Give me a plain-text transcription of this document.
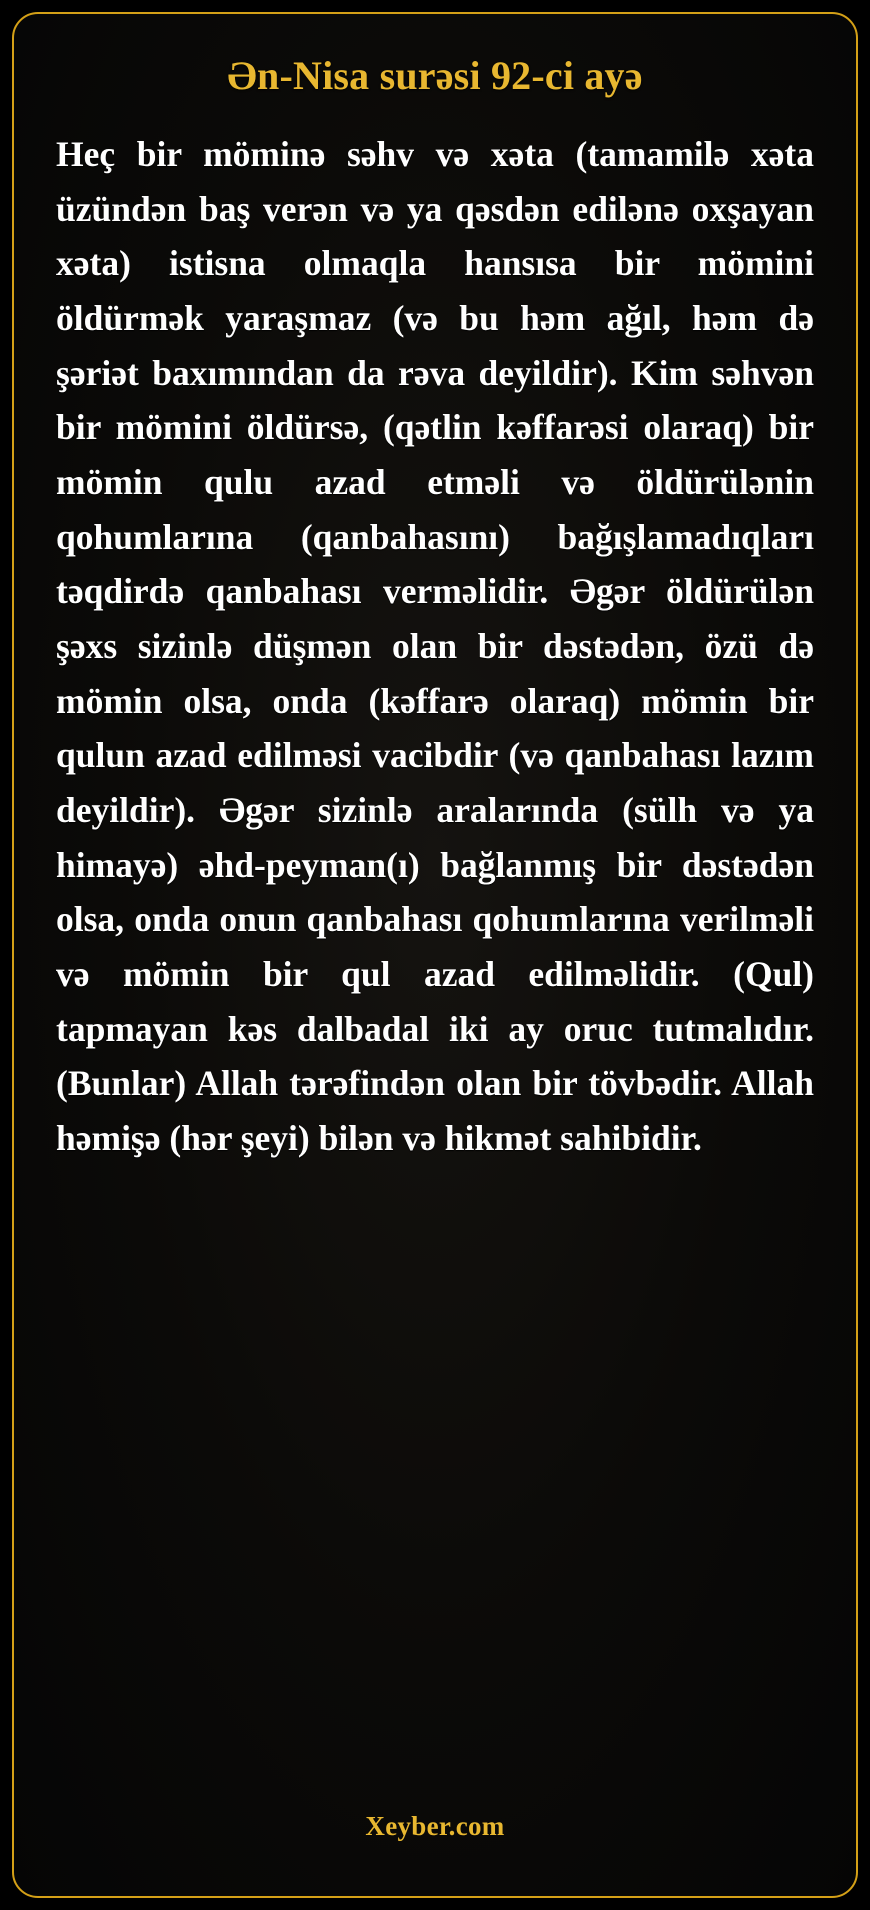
Ən-Nisa surəsi 92-ci ayə

Heç bir möminə səhv və xəta (tamamilə xəta üzündən baş verən və ya qəsdən edilənə oxşayan xəta) istisna olmaqla hansısa bir mömini öldürmək yaraşmaz (və bu həm ağıl, həm də şəriət baxımından da rəva deyildir). Kim səhvən bir mömini öldürsə, (qətlin kəffarəsi olaraq) bir mömin qulu azad etməli və öldürülənin qohumlarına (qanbahasını) bağışlamadıqları təqdirdə qanbahası verməlidir. Əgər öldürülən şəxs sizinlə düşmən olan bir dəstədən, özü də mömin olsa, onda (kəffarə olaraq) mömin bir qulun azad edilməsi vacibdir (və qanbahası lazım deyildir). Əgər sizinlə aralarında (sülh və ya himayə) əhd-peyman(ı) bağlanmış bir dəstədən olsa, onda onun qanbahası qohumlarına verilməli və mömin bir qul azad edilməlidir. (Qul) tapmayan kəs dalbadal iki ay oruc tutmalıdır. (Bunlar) Allah tərəfindən olan bir tövbədir. Allah həmişə (hər şeyi) bilən və hikmət sahibidir.

Xeyber.com
